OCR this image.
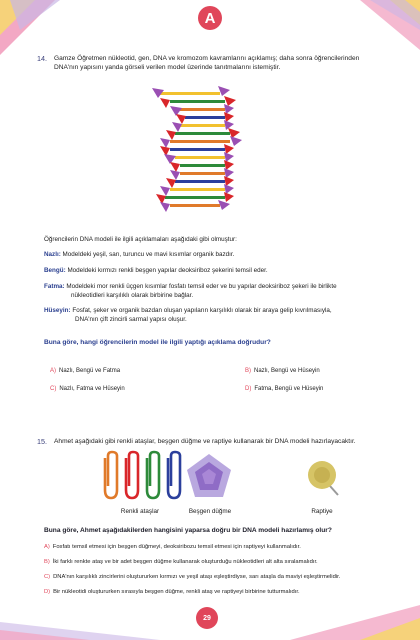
A
14. Gamze Öğretmen nükleotid, gen, DNA ve kromozom kavramlarını açıklamış; daha sonra öğrencilerinden
DNA'nın yapısını yanda görseli verilen model üzerinde tanıtmalarını istemiştir.
Öğrencilerin DNA modeli ile ilgili açıklamaları aşağıdaki gibi olmuştur:
Nazlı: Modeldeki yeşil, sarı, turuncu ve mavi kısımlar organik bazdır.
Bengü: Modeldeki kırmızı renkli beşgen yapılar deoksiriboz şekerini temsil eder.
Fatma: Modeldeki mor renkli üçgen kısımlar fosfatı temsil eder ve bu yapılar deoksiriboz şekeri ile birlikte
nükleotidleri karşılıklı olarak birbirine bağlar.
Hüseyin: Fosfat, şeker ve organik bazdan oluşan yapıların karşılıklı olarak bir araya gelip kıvrılmasıyla,
DNA'nın çift zincirli sarmal yapısı oluşur.
Buna göre, hangi öğrencilerin model ile ilgili yaptığı açıklama doğrudur?
A) Nazlı, Bengü ve Fatma	B) Nazlı, Bengü ve Hüseyin
C) Nazlı, Fatma ve Hüseyin	D) Fatma, Bengü ve Hüseyin
15. Ahmet aşağıdaki gibi renkli ataşlar, beşgen düğme ve raptiye kullanarak bir DNA modeli hazırlayacaktır.
Renkli ataşlar	Beşgen düğme	Raptiye
Buna göre, Ahmet aşağıdakilerden hangisini yaparsa doğru bir DNA modeli hazırlamış olur?
A) Fosfatı temsil etmesi için beşgen düğmeyi, deoksiribozu temsil etmesi için raptiyeyi kullanmalıdır.
B) İki farklı renkte ataş ve bir adet beşgen düğme kullanarak oluşturduğu nükleotidleri alt alta sıralamalıdır.
C) DNA'nın karşılıklı zincirlerini oluştururken kırmızı ve yeşil ataşı eşleştirdiyse, sarı ataşla da maviyi eşleştirmelidir.
D) Bir nükleotidi oluştururken sırasıyla beşgen düğme, renkli ataş ve raptiyeyi birbirine tutturmalıdır.
29
